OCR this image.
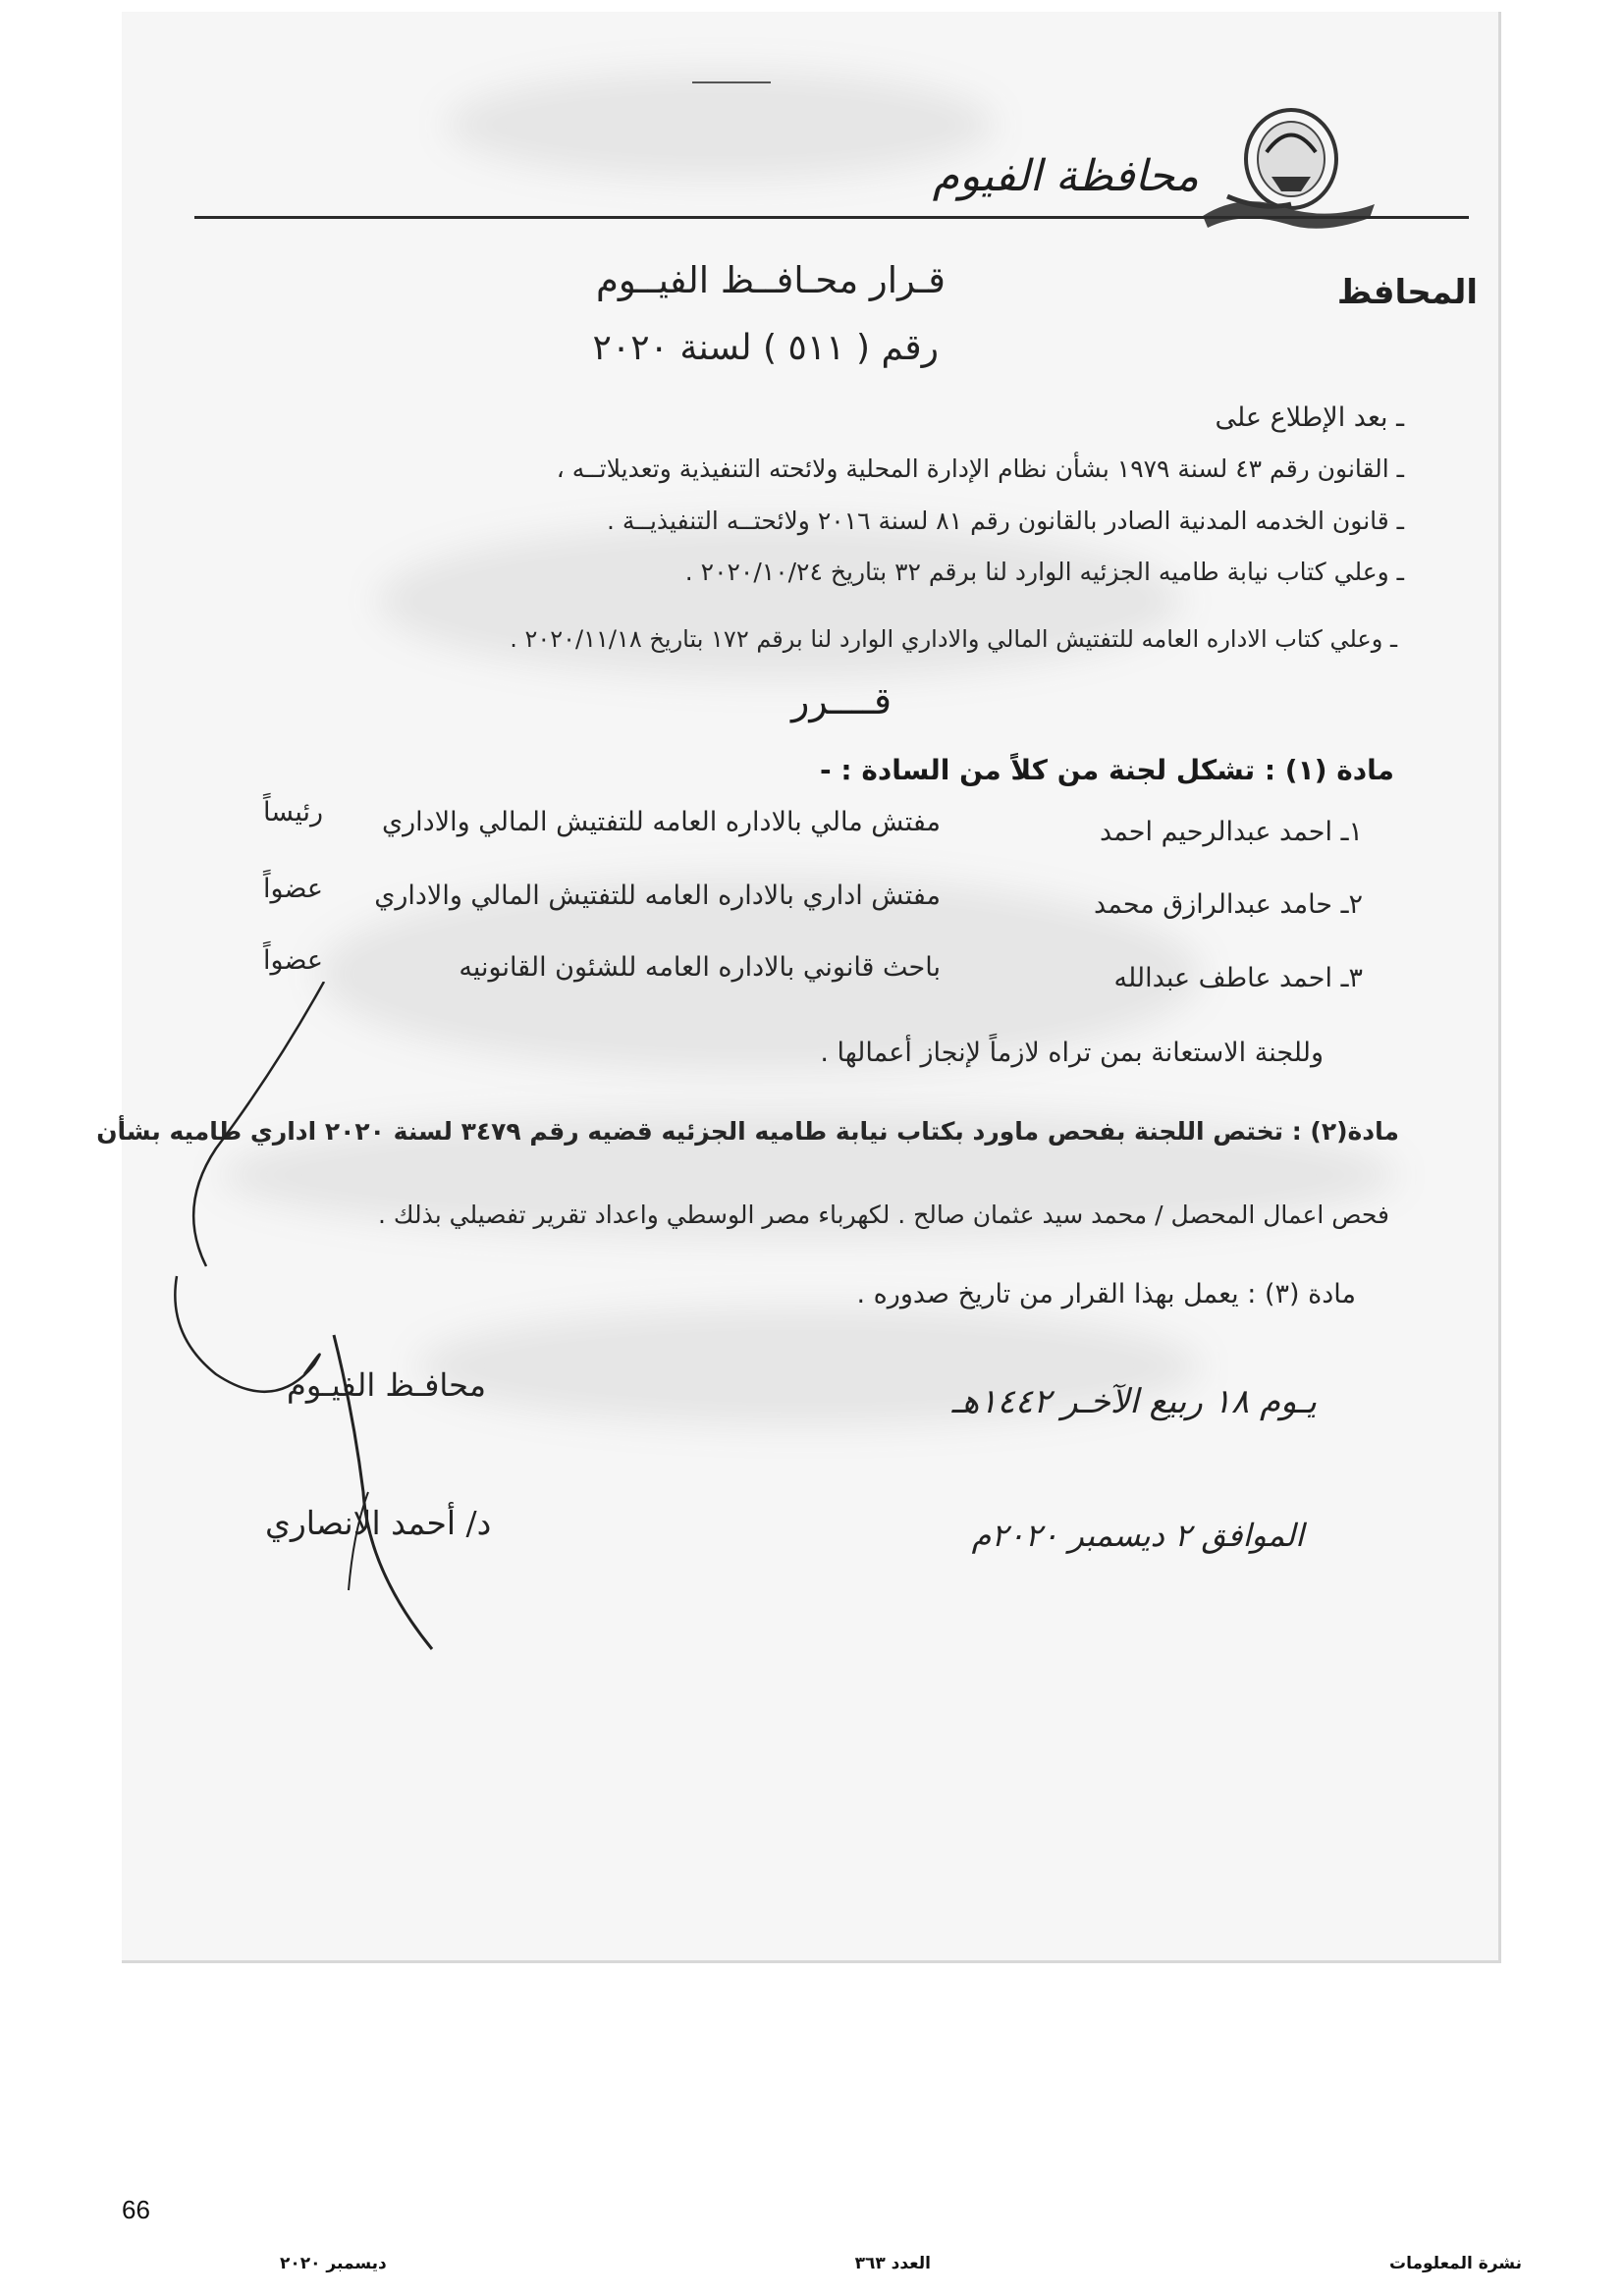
محافظة الفيوم
المحافظ
قـرار محـافــظ الفيــوم
رقم ( ٥١١ ) لسنة ٢٠٢٠
ـ بعد الإطلاع على
ـ القانون رقم ٤٣ لسنة ١٩٧٩ بشأن نظام الإدارة المحلية ولائحته التنفيذية وتعديلاتــه ،
ـ قانون الخدمه المدنية الصادر بالقانون رقم ٨١ لسنة ٢٠١٦ ولائحتــه التنفيذيــة .
ـ وعلي كتاب نيابة طاميه الجزئيه الوارد لنا برقم ٣٢ بتاريخ ٢٠٢٠/١٠/٢٤ .
ـ وعلي كتاب الاداره العامه للتفتيش المالي والاداري الوارد لنا برقم ١٧٢ بتاريخ ٢٠٢٠/١١/١٨ .
قــــرر
مادة (١) : تشكل لجنة من كلاً من السادة : -
١ـ احمد عبدالرحيم احمد
مفتش مالي بالاداره العامه للتفتيش المالي والاداري
رئيساً
٢ـ حامد عبدالرازق محمد
مفتش اداري بالاداره العامه للتفتيش المالي والاداري
عضواً
٣ـ احمد عاطف عبدالله
باحث قانوني بالاداره العامه للشئون القانونيه
عضواً
وللجنة الاستعانة بمن تراه لازماً لإنجاز أعمالها .
مادة(٢) : تختص اللجنة بفحص ماورد بكتاب نيابة طاميه الجزئيه قضيه رقم ٣٤٧٩ لسنة ٢٠٢٠ اداري طاميه بشأن
فحص اعمال المحصل / محمد سيد عثمان صالح . لكهرباء مصر الوسطي واعداد تقرير تفصيلي بذلك .
مادة (٣) : يعمل بهذا القرار من تاريخ صدوره .
يـوم ١٨ ربيع الآخـر ١٤٤٢هـ
الموافق ٢ ديسمبر ٢٠٢٠م
محافـظ الفيـوم
د/ أحمد الانصاري
66
نشرة المعلومات
العدد ٣٦٣
ديسمبر ٢٠٢٠
